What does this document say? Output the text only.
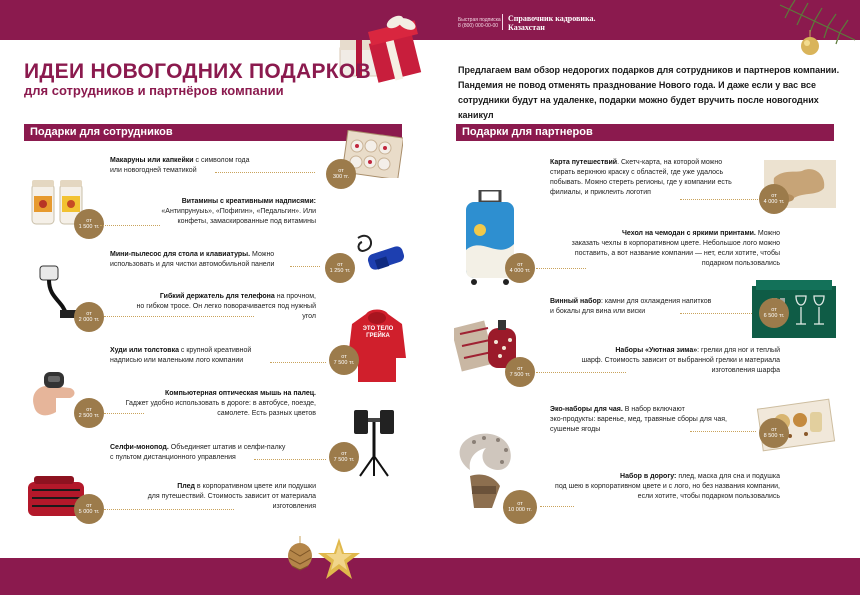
Быстрая подписка
8 (800) 000-00-00
Справочник кадровика.
Казахстан
ИДЕИ НОВОГОДНИХ ПОДАРКОВ
для сотрудников и партнёров компании
Предлагаем вам обзор недорогих подарков для сотрудников и партнеров компании. Пандемия не повод отменять празднование Нового года. И даже если у вас все сотрудники будут на удаленке, подарки можно будет вручить после новогодних каникул
Подарки для сотрудников	Подарки для партнеров
Макаруны или капкейки с символом года
или новогодней тематикой	от
300 тг.
от
1 500 тг.
Витамины с креативными надписями:
«Антипрунуыь», «Пофигин», «Педальгин». Или конфеты, замаскированные под витамины
Мини-пылесос для стола и клавиатуры. Можно
использовать и для чистки автомобильной панели	от
1 250 тг.
от
2 000 тг.
Гибкий держатель для телефона на прочном,
но гибком тросе. Он легко поворачивается под нужный угол
Худи или толстовка с крупной креативной
надписью или маленьким лого компании
ЭТО ТЕЛО ГРЕЙКА
от
7 500 тг.
от
2 500 тг.
Компьютерная оптическая мышь на палец.
Гаджет удобно использовать в дороге: в автобусе, поезде, самолете. Есть разных цветов
Селфи-монопод. Объединяет штатив и селфи-палку
с пультом дистанционного управления
от
7 500 тг.
от
5 000 тг.
Плед в корпоративном цвете или подушки
для путешествий. Стоимость зависит от материала изготовления
Карта путешествий. Скетч-карта, на которой можно
стирать верхнюю краску с областей, где уже удалось побывать. Можно стереть регионы, где у компании есть филиалы, и приклеить логотип	от
4 000 тг.
от
4 000 тг.
Чехол на чемодан с яркими принтами. Можно
заказать чехлы в корпоративном цвете. Небольшое лого можно поставить, а вот название компании — нет, если хотите, чтобы подарком пользовались
Винный набор: камни для охлаждения напитков
и бокалы для вина или виски	от
6 500 тг.
от
7 500 тг.
Наборы «Уютная зима»: грелки для ног и теплый
шарф. Стоимость зависит от выбранной грелки и материала изготовления шарфа
Эко-наборы для чая. В набор включают
эко-продукты: варенье, мед, травяные сборы для чая, сушеные ягоды	от
8 500 тг.
от
10 000 тг.
Набор в дорогу: плед, маска для сна и подушка
под шею в корпоративном цвете и с лого, но без названия компании, если хотите, чтобы подарком пользовались
